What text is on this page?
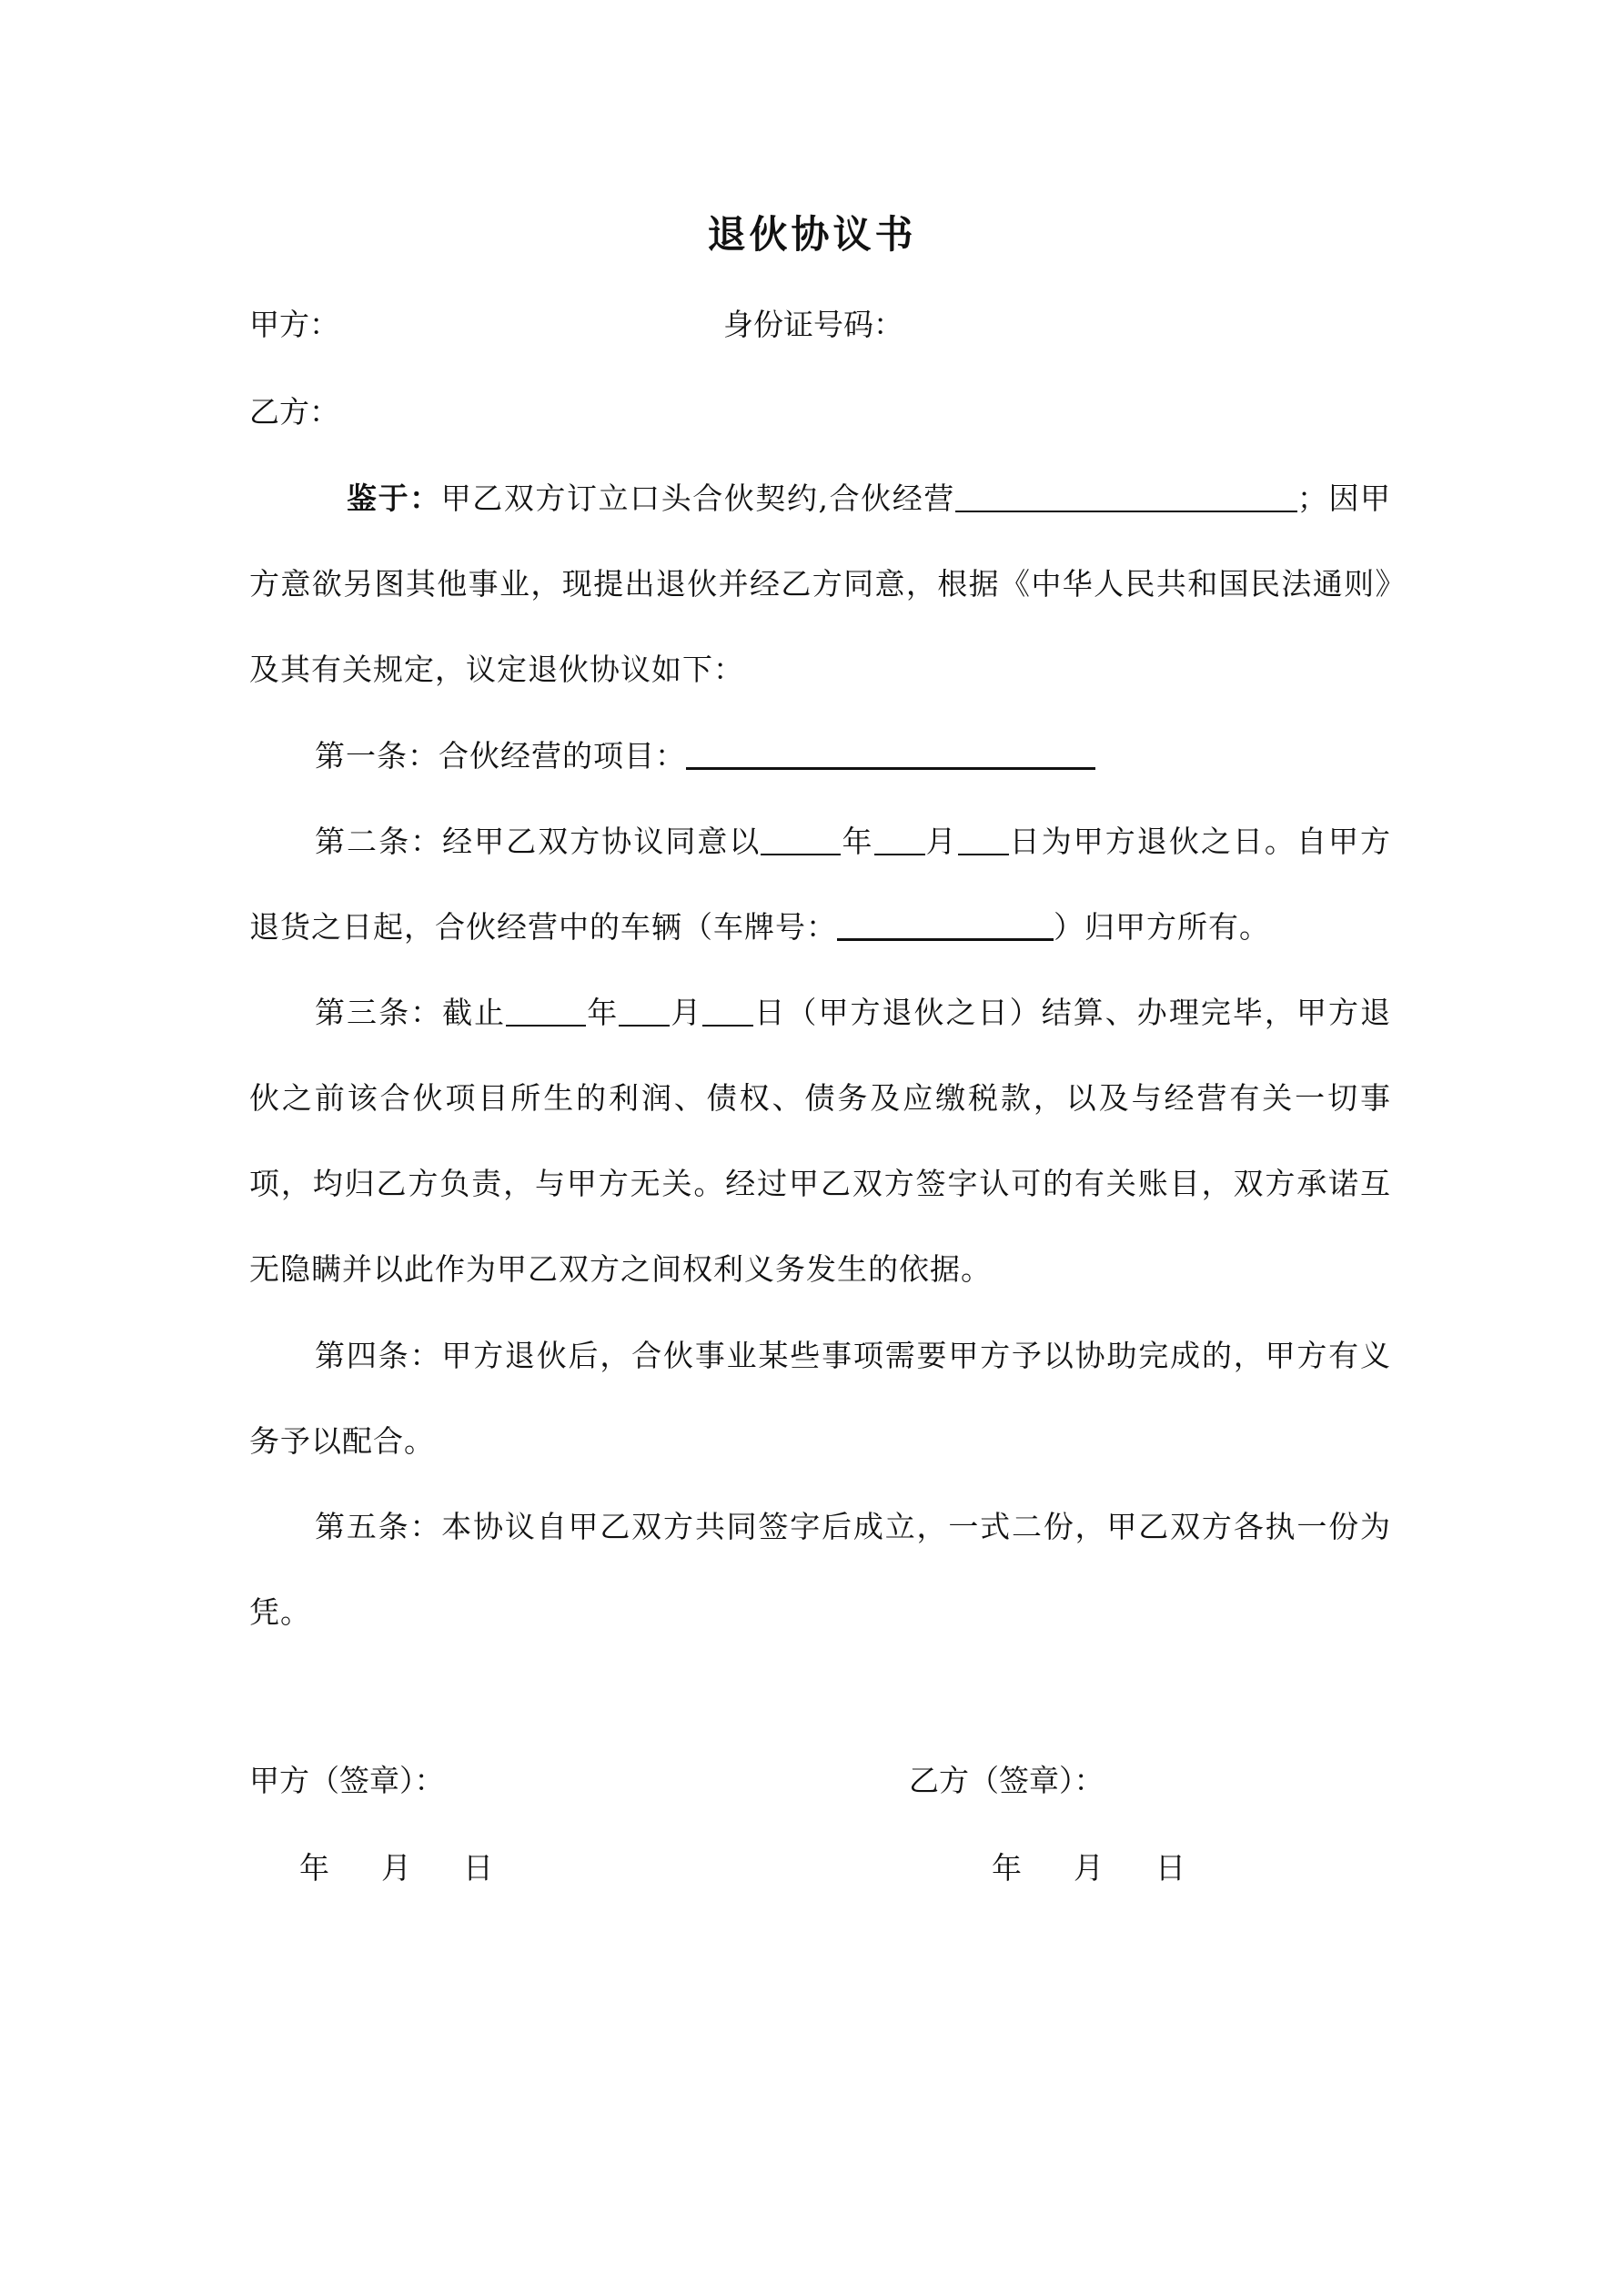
退伙协议书
甲方：	身份证号码：
乙方：
鉴于：甲乙双方订立口头合伙契约,合伙经营	；因甲方意欲另图其他事业，现提出退伙并经乙方同意，根据《中华人民共和国民法通则》及其有关规定，议定退伙协议如下：
第一条：合伙经营的项目：
第二条：经甲乙双方协议同意以	年 月 日为甲方退伙之日。自甲方退货之日起，合伙经营中的车辆（车牌号：	）归甲方所有。
第三条：截止	年 月 日（甲方退伙之日）结算、办理完毕，甲方退伙之前该合伙项目所生的利润、债权、债务及应缴税款，以及与经营有关一切事项，均归乙方负责，与甲方无关。经过甲乙双方签字认可的有关账目，双方承诺互无隐瞒并以此作为甲乙双方之间权利义务发生的依据。
第四条：甲方退伙后，合伙事业某些事项需要甲方予以协助完成的，甲方有义务予以配合。
第五条：本协议自甲乙双方共同签字后成立，一式二份，甲乙双方各执一份为凭。
甲方（签章）：	乙方（签章）：
年 月 日	年 月 日
